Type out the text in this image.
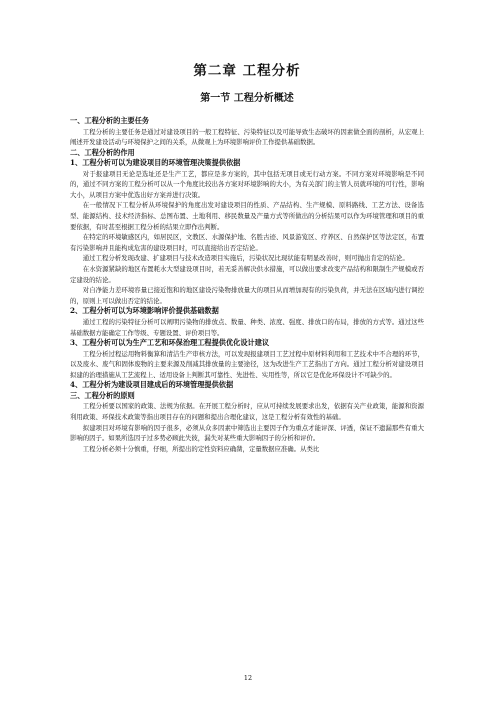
第二章 工程分析
第一节 工程分析概述
一、工程分析的主要任务
工程分析的主要任务是通过对建设项目的一般工程特征、污染特征以及可能导致生态破坏的因素做全面的剖析，从宏观上阐述开发建设活动与环境保护之间的关系，从微观上为环境影响评价工作提供基础数据。
二、工程分析的作用
1、工程分析可以为建设项目的环境管理决策提供依据
对于报建项目无论是选址还是生产工艺，都应是多方案的，其中包括无项目或无行动方案。不同方案对环境影响是不同的，通过不同方案的工程分析可以从一个角度比较出各方案对环境影响的大小，为有关部门的主管人员就环境的可行性，影响大小，从项目方案中优选出好方案并进行决策。
在一般情况下工程分析从环境保护的角度出发对建设项目的性质、产品结构、生产规模、原料路线、工艺方法、设备选型、能源结构、技术经济指标、总图布置、土地利用、移民数量及产量方式等所做出的分析结果可以作为环境管理和项目的重要依据，有时甚至根据工程分析的结果立即作出判断。
在特定的环境敏感区内，如居民区，文教区、水源保护地、名胜古迹、风景游览区、疗养区、自然保护区等法定区，布置有污染影响并且能构成危害的建设项目时，可以直接给出否定结论。
通过工程分析发现改建、扩建项目与技术改造项目实施后，污染状况比现状能有明显改善时，则可抛出肯定的结论。
在水资源紧缺的地区布置耗水大型建设项目时，若无妥善解决供水措施，可以做出要求改变产品结构和限制生产规模或否定建设的结论。
对自净能力差环境容量已接近饱和的地区建设污染物排放量大的项目从而增加现有的污染负荷，并无法在区域内进行调控的，原则上可以做出否定的结论。
2、工程分析可以为环境影响评价提供基础数据
通过工程的污染特征分析可以阐明污染物的排放点、数量、种类、浓度、强度、排放口的布局，排放的方式等。通过这些基础数据方能确定工作等级、专题设置、评价项目等。
3、工程分析可以为生产工艺和环保治理工程提供优化设计建议
工程分析过程运用物料衡算和清洁生产审核方法，可以发现报建项目工艺过程中原材料利用和工艺技术中不合理的环节，以及废水、废气和固体废物的主要来源及削减其排放量的主要途径，这为改进生产工艺指出了方向。通过工程分析对建设项目拟建的治理措施从工艺流程上、适用设备上判断其可靠性、先进性、实用性等，所以它是优化环保设计不可缺少的。
4、工程分析为建设项目建成后的环境管理提供依据
三、工程分析的原则
工程分析要以国家的政策、法规为依据。在开展工程分析时，应从可持续发展要求出发，依据有关产业政策，能源和资源利用政策、环保技术政策等指出项目存在的问题和提出合理化建议，这是工程分析有效性的基础。
拟建项目对环境有影响的因子很多，必须从众多因素中筛选出主要因子作为重点才能评深、评透，保证不遗漏那些有重大影响的因子。如果所选因子过多势必顾此失彼，漏失对某些重大影响因子的分析和评价。
工程分析必须十分慎重，仔细，所提出的定性资料应确凿，定量数据应准确。从类比
12
